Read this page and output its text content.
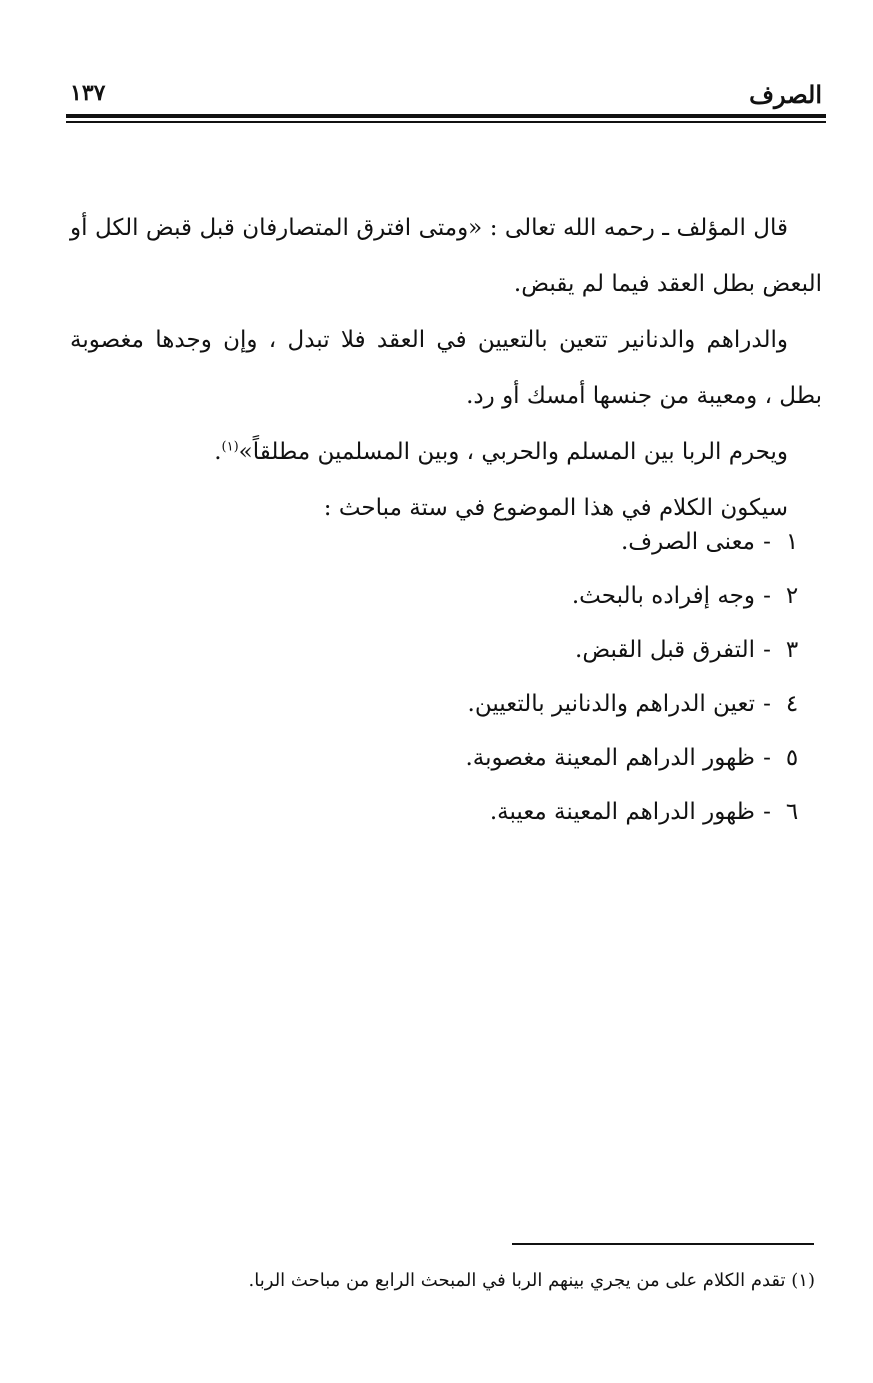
الصرف
١٣٧

قال المؤلف ـ رحمه الله تعالى : «ومتى افترق المتصارفان قبل قبض الكل أو البعض بطل العقد فيما لم يقبض.

والدراهم والدنانير تتعين بالتعيين في العقد فلا تبدل ، وإن وجدها مغصوبة بطل ، ومعيبة من جنسها أمسك أو رد.

ويحرم الربا بين المسلم والحربي ، وبين المسلمين مطلقاً»$^{(١)}$.

سيكون الكلام في هذا الموضوع في ستة مباحث :

١-معنى الصرف.
٢-وجه إفراده بالبحث.
٣-التفرق قبل القبض.
٤-تعين الدراهم والدنانير بالتعيين.
٥-ظهور الدراهم المعينة مغصوبة.
٦-ظهور الدراهم المعينة معيبة.
(١) تقدم الكلام على من يجري بينهم الربا في المبحث الرابع من مباحث الربا.
